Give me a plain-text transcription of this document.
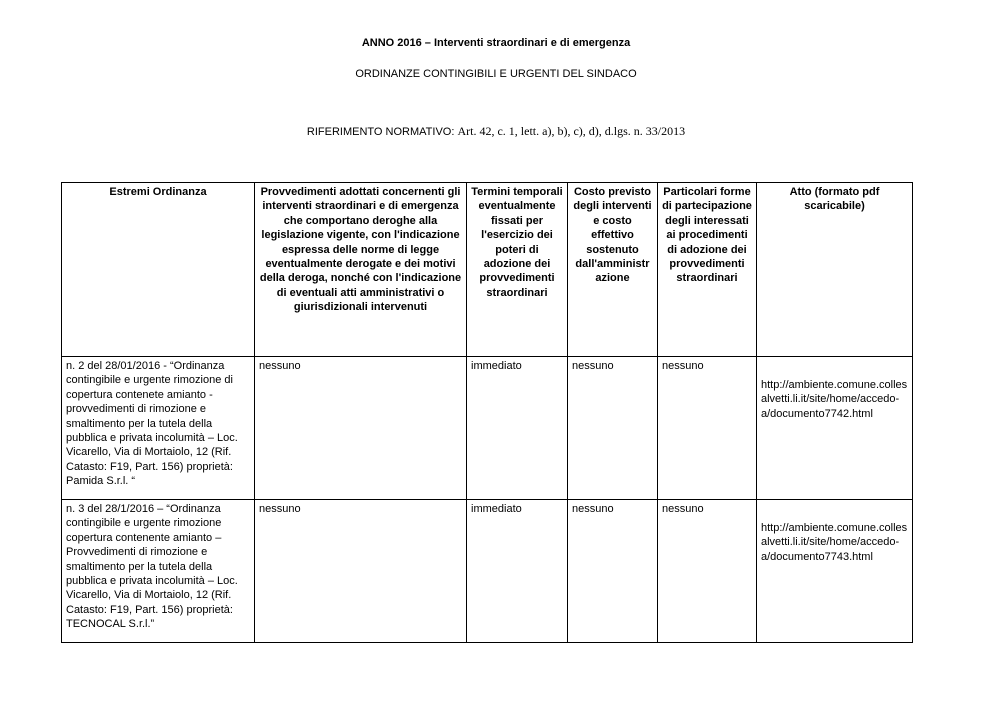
ANNO 2016 – Interventi straordinari e di emergenza
ORDINANZE CONTINGIBILI E URGENTI DEL SINDACO
RIFERIMENTO NORMATIVO: Art. 42, c. 1, lett. a), b), c), d), d.lgs. n. 33/2013
Estremi Ordinanza	Provvedimenti adottati concernenti gli interventi straordinari e di emergenza che comportano deroghe alla legislazione vigente, con l'indicazione espressa delle norme di legge eventualmente derogate e dei motivi della deroga, nonché con l'indicazione di eventuali atti amministrativi o giurisdizionali intervenuti	Termini temporali eventualmente fissati per l'esercizio dei poteri di adozione dei provvedimenti straordinari	Costo previsto degli interventi e costo effettivo sostenuto dall'amministr azione	Particolari forme di partecipazione degli interessati ai procedimenti di adozione dei provvedimenti straordinari	Atto (formato pdf scaricabile)
n. 2 del 28/01/2016 - “Ordinanza contingibile e urgente rimozione di copertura contenete amianto - provvedimenti di rimozione e smaltimento per la tutela della pubblica e privata incolumità – Loc. Vicarello, Via di Mortaiolo, 12 (Rif. Catasto: F19, Part. 156) proprietà: Pamida S.r.l. “	nessuno	immediato	nessuno	nessuno	http://ambiente.comune.collesalvetti.li.it/site/home/accedo-a/documento7742.html
n. 3 del 28/1/2016 – “Ordinanza contingibile e urgente rimozione copertura contenente amianto – Provvedimenti di rimozione e smaltimento per la tutela della pubblica e privata incolumità – Loc. Vicarello, Via di Mortaiolo, 12 (Rif. Catasto: F19, Part. 156) proprietà: TECNOCAL S.r.l.”	nessuno	immediato	nessuno	nessuno	http://ambiente.comune.collesalvetti.li.it/site/home/accedo-a/documento7743.html
